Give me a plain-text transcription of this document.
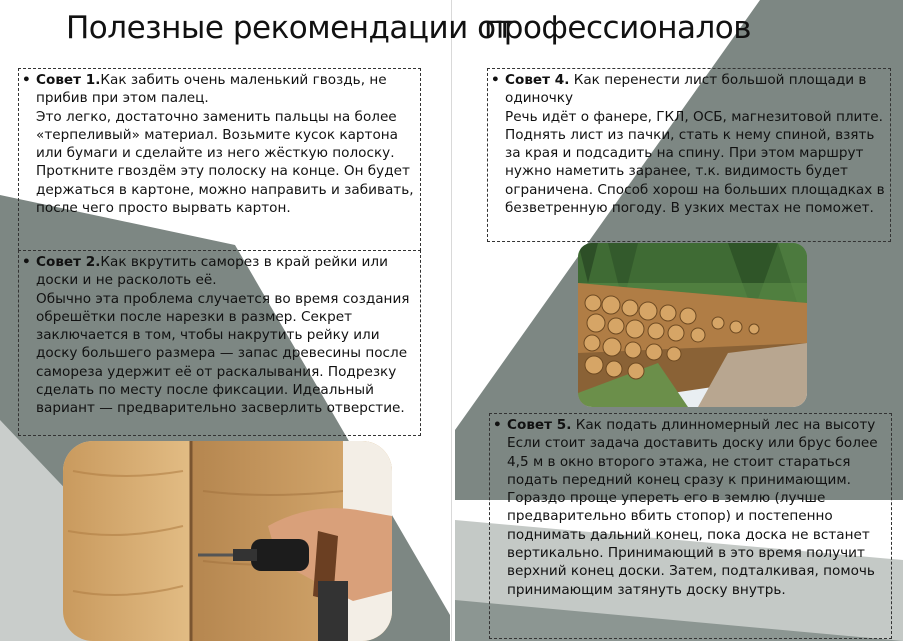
Полезные рекомендации от
профессионалов
• Совет 1.Как забить очень маленький гвоздь, не прибив при этом палец.

Это легко, достаточно заменить пальцы на более «терпеливый» материал. Возьмите кусок картона или бумаги и сделайте из него жёсткую полоску. Проткните гвоздём эту полоску на конце. Он будет держаться в картоне, можно направить и забивать, после чего просто вырвать картон.

• Совет 2.Как вкрутить саморез в край рейки или доски и не расколоть её.

Обычно эта проблема случается во время создания обрешётки после нарезки в размер. Секрет заключается в том, чтобы накрутить рейку или доску большего размера — запас древесины после самореза удержит её от раскалывания. Подрезку сделать по месту после фиксации. Идеальный вариант — предварительно засверлить отверстие.

• Совет 4. Как перенести лист большой площади в одиночку

Речь идёт о фанере, ГКЛ, ОСБ, магнезитовой плите. Поднять лист из пачки, стать к нему спиной, взять за края и подсадить на спину. При этом маршрут нужно наметить заранее, т.к. видимость будет ограничена. Способ хорош на больших площадках в безветренную погоду. В узких местах не поможет.

• Совет 5. Как подать длинномерный лес на высоту

Если стоит задача доставить доску или брус более 4,5 м в окно второго этажа, не стоит стараться подать передний конец сразу к принимающим. Гораздо проще упереть его в землю (лучше предварительно вбить стопор) и постепенно поднимать дальний конец, пока доска не встанет вертикально. Принимающий в это время получит верхний конец доски. Затем, подталкивая, помочь принимающим затянуть доску внутрь.
